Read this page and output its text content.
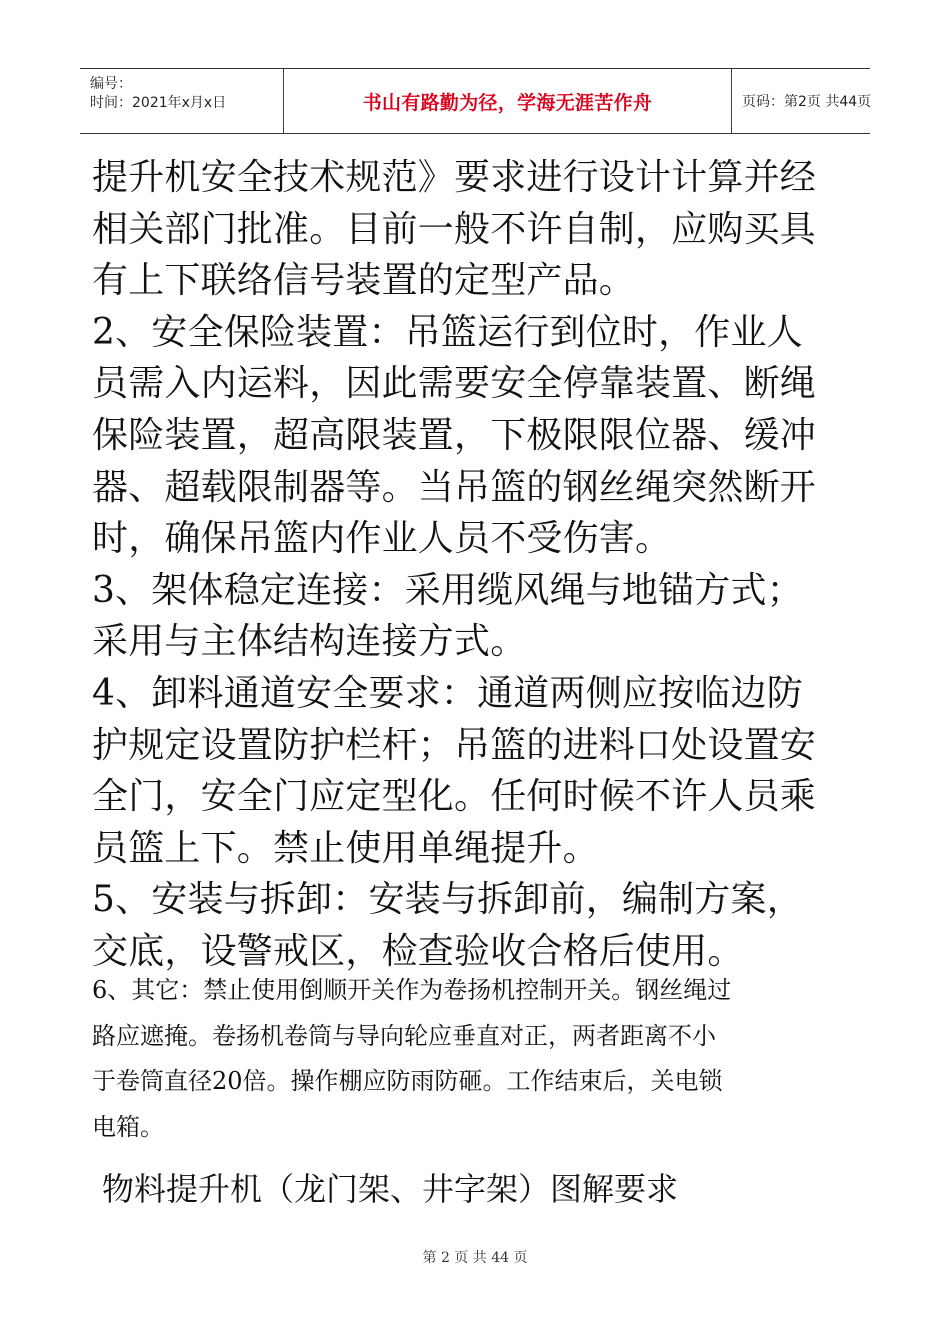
编号：
时间：2021年x月x日	书山有路勤为径，学海无涯苦作舟	页码：第2页 共44页

提升机安全技术规范》要求进行设计计算并经

相关部门批准。目前一般不许自制，应购买具

有上下联络信号装置的定型产品。

2、安全保险装置：吊篮运行到位时，作业人

员需入内运料，因此需要安全停靠装置、断绳

保险装置，超高限装置，下极限限位器、缓冲

器、超载限制器等。当吊篮的钢丝绳突然断开

时，确保吊篮内作业人员不受伤害。

3、架体稳定连接：采用缆风绳与地锚方式；

采用与主体结构连接方式。

4、卸料通道安全要求：通道两侧应按临边防

护规定设置防护栏杆；吊篮的进料口处设置安

全门，安全门应定型化。任何时候不许人员乘

员篮上下。禁止使用单绳提升。

5、安装与拆卸：安装与拆卸前，编制方案，

交底，设警戒区，检查验收合格后使用。

6、其它：禁止使用倒顺开关作为卷扬机控制开关。钢丝绳过

路应遮掩。卷扬机卷筒与导向轮应垂直对正，两者距离不小

于卷筒直径20倍。操作棚应防雨防砸。工作结束后，关电锁

电箱。

物料提升机（龙门架、井字架）图解要求
第 2 页 共 44 页
